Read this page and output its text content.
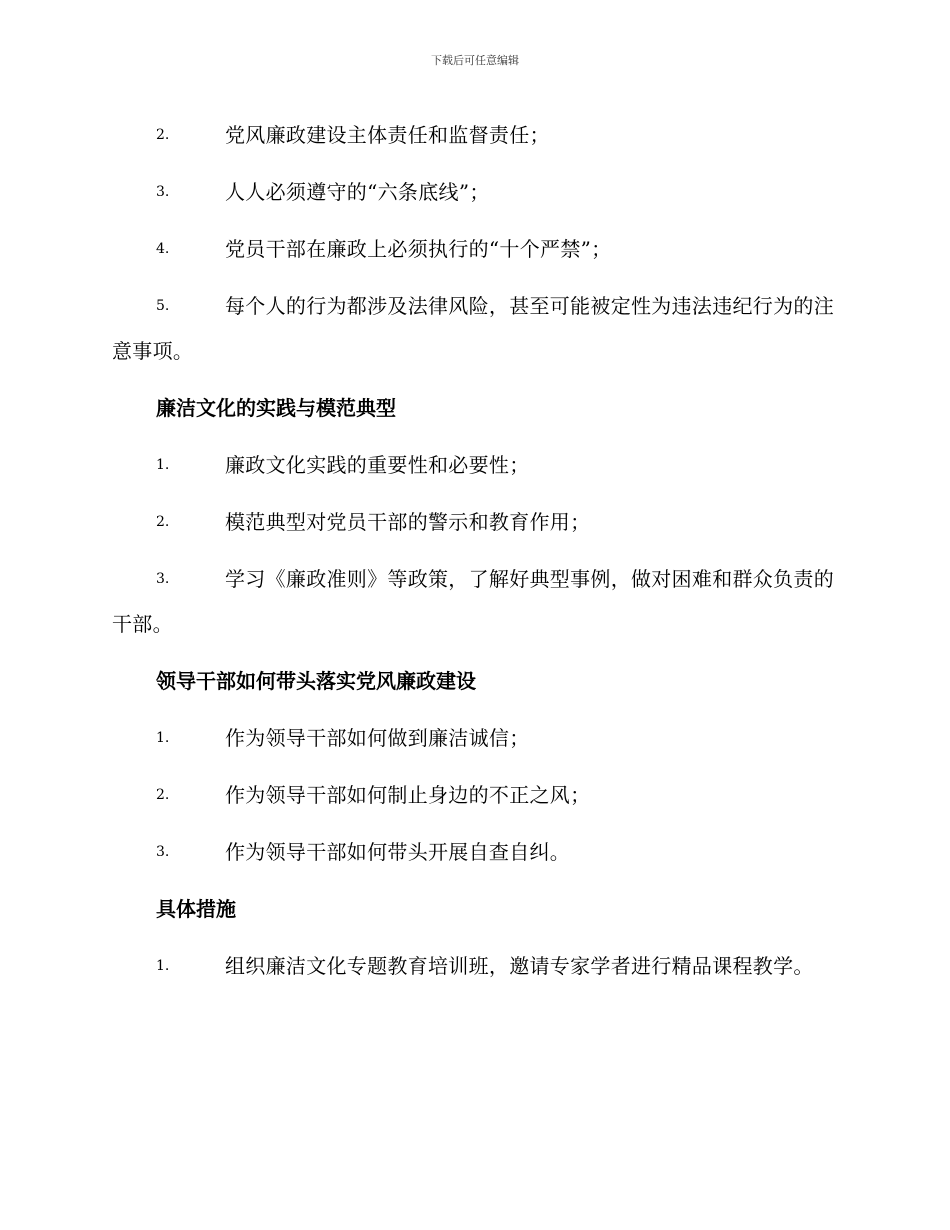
下载后可任意编辑
2.	党风廉政建设主体责任和监督责任；
3.	人人必须遵守的“六条底线”；
4.	党员干部在廉政上必须执行的“十个严禁”；
5.	每个人的行为都涉及法律风险，甚至可能被定性为违法违纪行为的注意事项。
廉洁文化的实践与模范典型
1.	廉政文化实践的重要性和必要性；
2.	模范典型对党员干部的警示和教育作用；
3.	学习《廉政准则》等政策，了解好典型事例，做对困难和群众负责的干部。
领导干部如何带头落实党风廉政建设
1.	作为领导干部如何做到廉洁诚信；
2.	作为领导干部如何制止身边的不正之风；
3.	作为领导干部如何带头开展自查自纠。
具体措施
1.	组织廉洁文化专题教育培训班，邀请专家学者进行精品课程教学。
